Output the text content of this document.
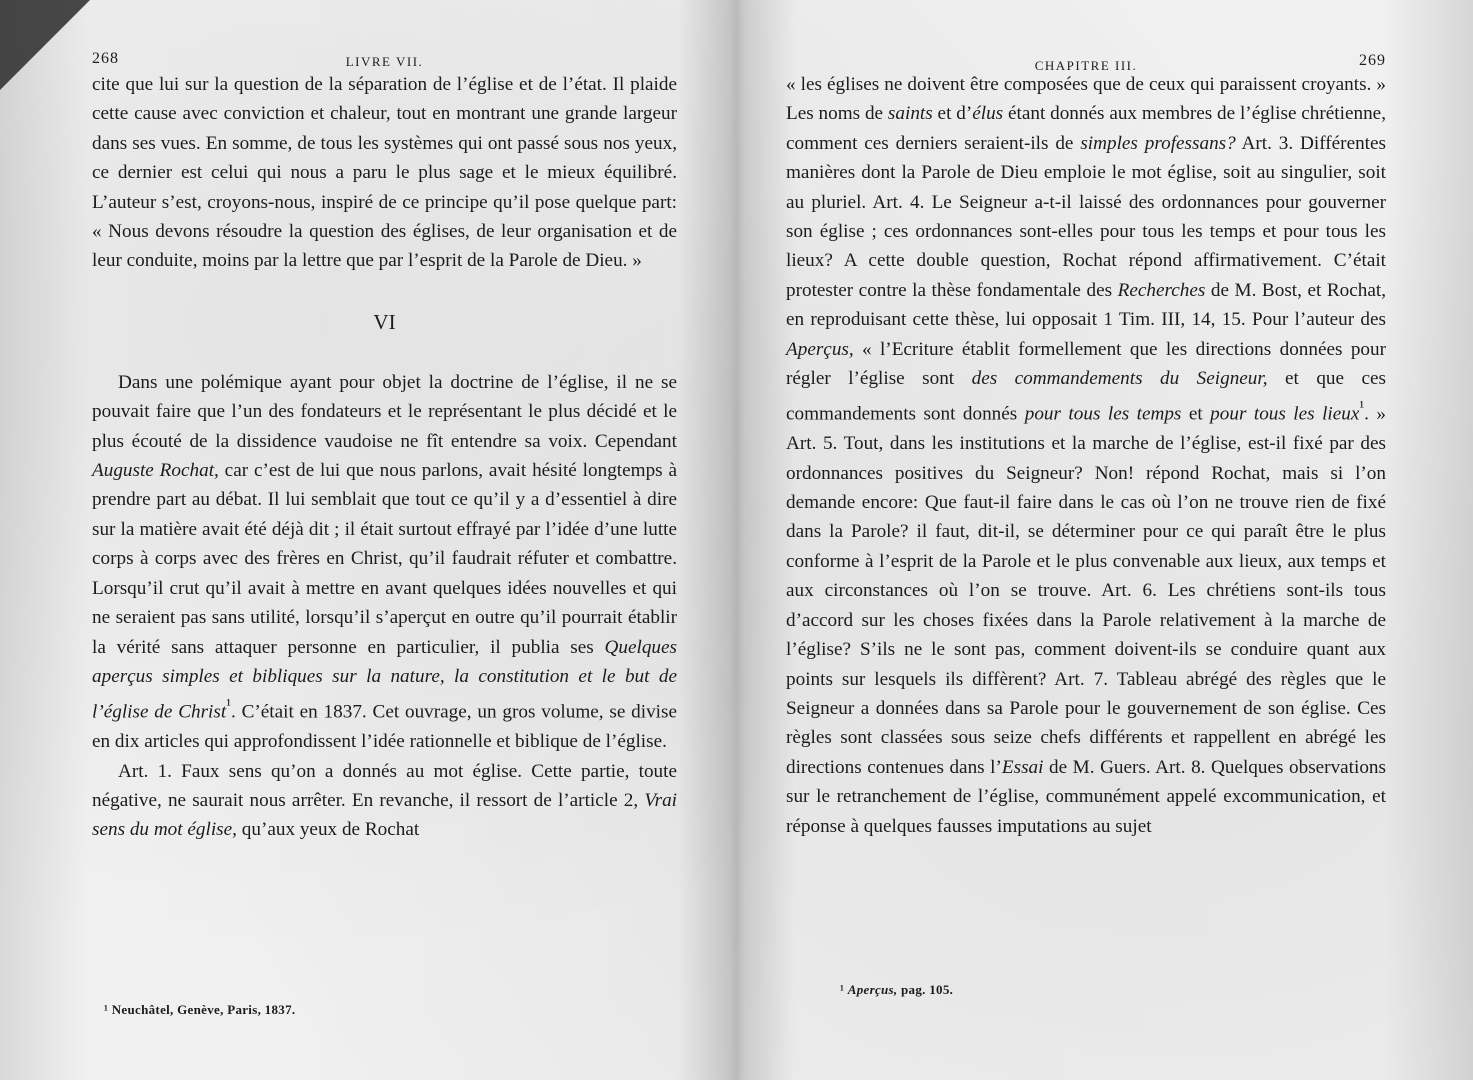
268	LIVRE VII.

cite que lui sur la question de la séparation de l’église et de l’état. Il plaide cette cause avec conviction et chaleur, tout en montrant une grande largeur dans ses vues. En somme, de tous les systèmes qui ont passé sous nos yeux, ce dernier est celui qui nous a paru le plus sage et le mieux équilibré. L’auteur s’est, croyons-nous, inspiré de ce principe qu’il pose quelque part: « Nous devons résoudre la question des églises, de leur organisation et de leur conduite, moins par la lettre que par l’esprit de la Parole de Dieu. »

VI

Dans une polémique ayant pour objet la doctrine de l’église, il ne se pouvait faire que l’un des fondateurs et le représentant le plus décidé et le plus écouté de la dissidence vaudoise ne fît entendre sa voix. Cependant Auguste Rochat, car c’est de lui que nous parlons, avait hésité longtemps à prendre part au débat. Il lui semblait que tout ce qu’il y a d’essentiel à dire sur la matière avait été déjà dit ; il était surtout effrayé par l’idée d’une lutte corps à corps avec des frères en Christ, qu’il faudrait réfuter et combattre. Lorsqu’il crut qu’il avait à mettre en avant quelques idées nouvelles et qui ne seraient pas sans utilité, lorsqu’il s’aperçut en outre qu’il pourrait établir la vérité sans attaquer personne en particulier, il publia ses Quelques aperçus simples et bibliques sur la nature, la constitution et le but de l’église de Christ$^{^1}$. C’était en 1837. Cet ouvrage, un gros volume, se divise en dix articles qui approfondissent l’idée rationnelle et biblique de l’église.

Art. 1. Faux sens qu’on a donnés au mot église. Cette partie, toute négative, ne saurait nous arrêter. En revanche, il ressort de l’article 2, Vrai sens du mot église, qu’aux yeux de Rochat

¹ Neuchâtel, Genève, Paris, 1837.
CHAPITRE III.	269

« les églises ne doivent être composées que de ceux qui paraissent croyants. » Les noms de saints et d’élus étant donnés aux membres de l’église chrétienne, comment ces derniers seraient-ils de simples professans? Art. 3. Différentes manières dont la Parole de Dieu emploie le mot église, soit au singulier, soit au pluriel. Art. 4. Le Seigneur a-t-il laissé des ordonnances pour gouverner son église ; ces ordonnances sont-elles pour tous les temps et pour tous les lieux? A cette double question, Rochat répond affirmativement. C’était protester contre la thèse fondamentale des Recherches de M. Bost, et Rochat, en reproduisant cette thèse, lui opposait 1 Tim. III, 14, 15. Pour l’auteur des Aperçus, « l’Ecriture établit formellement que les directions données pour régler l’église sont des commandements du Seigneur, et que ces commandements sont donnés pour tous les temps et pour tous les lieux$^{^1}$. » Art. 5. Tout, dans les institutions et la marche de l’église, est-il fixé par des ordonnances positives du Seigneur? Non! répond Rochat, mais si l’on demande encore: Que faut-il faire dans le cas où l’on ne trouve rien de fixé dans la Parole? il faut, dit-il, se déterminer pour ce qui paraît être le plus conforme à l’esprit de la Parole et le plus convenable aux lieux, aux temps et aux circonstances où l’on se trouve. Art. 6. Les chrétiens sont-ils tous d’accord sur les choses fixées dans la Parole relativement à la marche de l’église? S’ils ne le sont pas, comment doivent-ils se conduire quant aux points sur lesquels ils diffèrent? Art. 7. Tableau abrégé des règles que le Seigneur a données dans sa Parole pour le gouvernement de son église. Ces règles sont classées sous seize chefs différents et rappellent en abrégé les directions contenues dans l’Essai de M. Guers. Art. 8. Quelques observations sur le retranchement de l’église, communément appelé excommunication, et réponse à quelques fausses imputations au sujet

¹ Aperçus, pag. 105.
